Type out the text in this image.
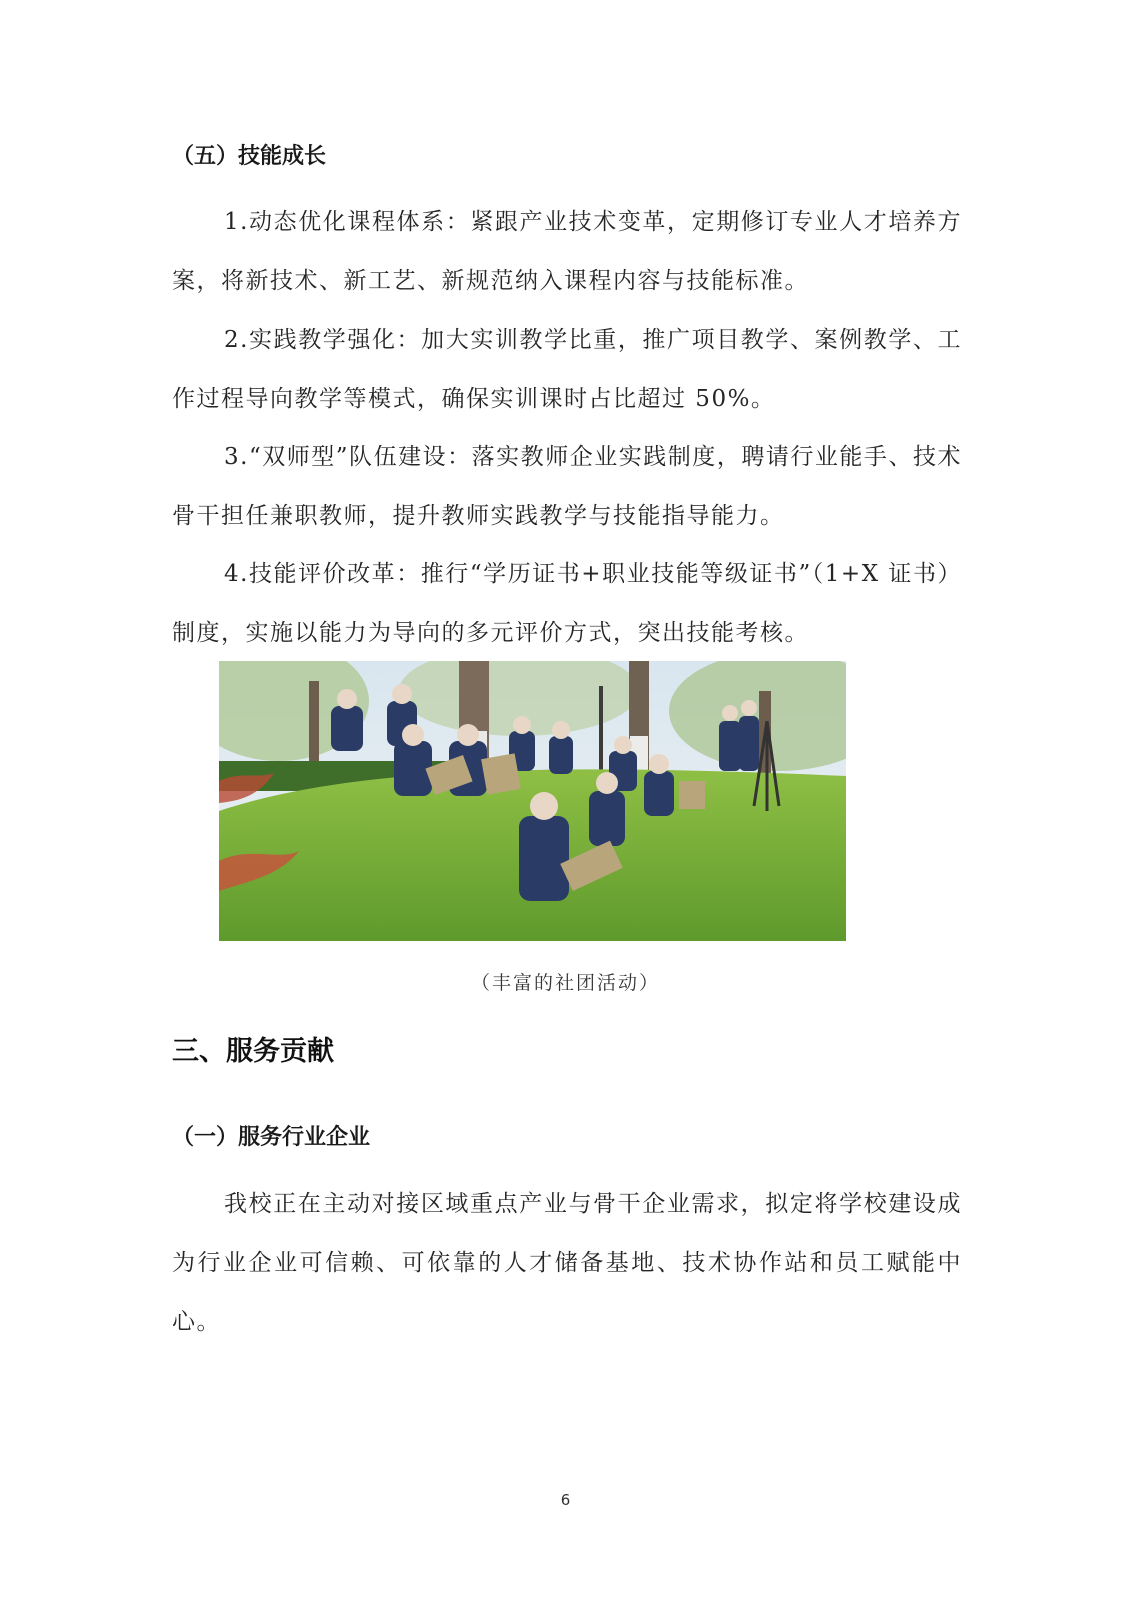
（五）技能成长
1.动态优化课程体系：紧跟产业技术变革，定期修订专业人才培养方案，将新技术、新工艺、新规范纳入课程内容与技能标准。
2.实践教学强化：加大实训教学比重，推广项目教学、案例教学、工作过程导向教学等模式，确保实训课时占比超过 50%。
3.“双师型”队伍建设：落实教师企业实践制度，聘请行业能手、技术骨干担任兼职教师，提升教师实践教学与技能指导能力。
4.技能评价改革：推行“学历证书+职业技能等级证书”（1+X 证书）制度，实施以能力为导向的多元评价方式，突出技能考核。
（丰富的社团活动）
三、服务贡献
（一）服务行业企业
我校正在主动对接区域重点产业与骨干企业需求，拟定将学校建设成为行业企业可信赖、可依靠的人才储备基地、技术协作站和员工赋能中心。
6
